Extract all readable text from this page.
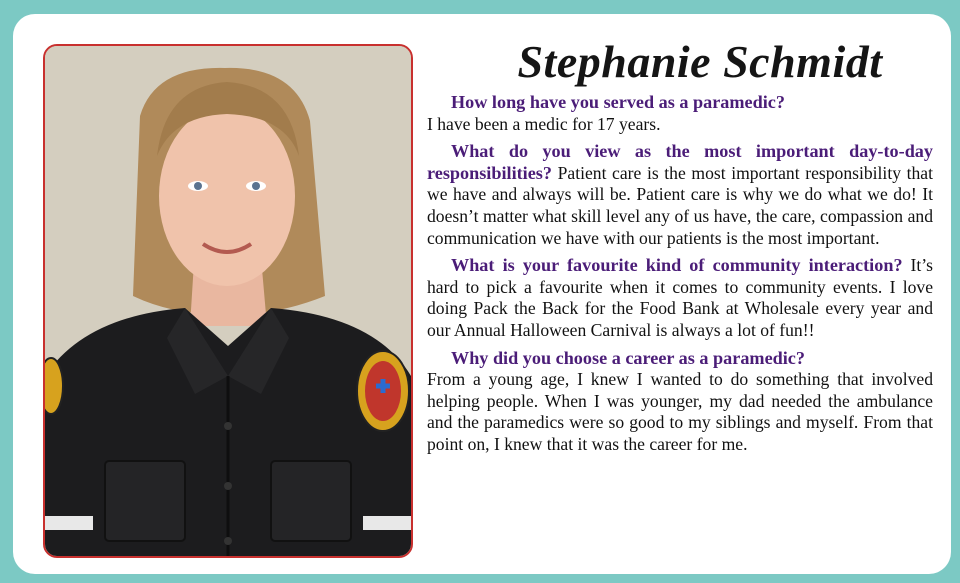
Stephanie Schmidt
How long have you served as a paramedic?
I have been a medic for 17 years.
What do you view as the most important day-to-day responsibilities? Patient care is the most important responsibility that we have and always will be. Patient care is why we do what we do! It doesn’t matter what skill level any of us have, the care, compassion and communication we have with our patients is the most important.
What is your favourite kind of community interaction? It’s hard to pick a favourite when it comes to community events. I love doing Pack the Back for the Food Bank at Wholesale every year and our Annual Halloween Carnival is always a lot of fun!!
Why did you choose a career as a paramedic?
From a young age, I knew I wanted to do something that involved helping people. When I was younger, my dad needed the ambulance and the paramedics were so good to my siblings and myself. From that point on, I knew that it was the career for me.
